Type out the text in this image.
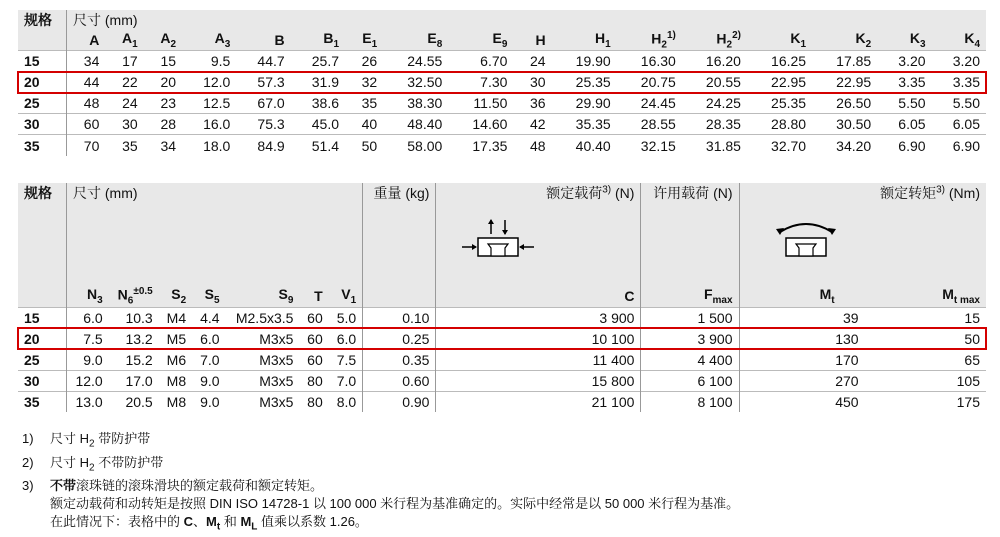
规格	尺寸 (mm)																
	A	$A_1$	$A_2$	$A_3$	B	$B_1$	$E_1$	$E_8$	$E_9$	H	$H_1$	$H_2^{1)}$	$H_2^{2)}$	$K_1$	$K_2$	$K_3$	$K_4$
15	34	17	15	9.5	44.7	25.7	26	24.55	6.70	24	19.90	16.30	16.20	16.25	17.85	3.20	3.20
20	44	22	20	12.0	57.3	31.9	32	32.50	7.30	30	25.35	20.75	20.55	22.95	22.95	3.35	3.35
25	48	24	23	12.5	67.0	38.6	35	38.30	11.50	36	29.90	24.45	24.25	25.35	26.50	5.50	5.50
30	60	30	28	16.0	75.3	45.0	40	48.40	14.60	42	35.35	28.55	28.35	28.80	30.50	6.05	6.05
35	70	35	34	18.0	84.9	51.4	50	58.00	17.35	48	40.40	32.15	31.85	32.70	34.20	6.90	6.90
规格	尺寸 (mm)							重量 (kg)	额定载荷$^{3)}$ (N)	许用载荷 (N)	额定转矩$^{3)}$ (Nm)	

	$N_3$	$N_6^{\pm 0.5}$	$S_2$	$S_5$	$S_9$	T	$V_1$		C	$F_{max}$	$M_t$	$M_{t max}$
15	6.0	10.3	M4	4.4	M2.5x3.5	60	5.0	0.10	3 900	1 500	39	15
20	7.5	13.2	M5	6.0	M3x5	60	6.0	0.25	10 100	3 900	130	50
25	9.0	15.2	M6	7.0	M3x5	60	7.5	0.35	11 400	4 400	170	65
30	12.0	17.0	M8	9.0	M3x5	80	7.0	0.60	15 800	6 100	270	105
35	13.0	20.5	M8	9.0	M3x5	80	8.0	0.90	21 100	8 100	450	175
1) 尺寸 $H_2$ 带防护带
2) 尺寸 $H_2$ 不带防护带
3) 不带滚珠链的滚珠滑块的额定载荷和额定转矩。
额定动载荷和动转矩是按照 DIN ISO 14728-1 以 100 000 米行程为基准确定的。实际中经常是以 50 000 米行程为基准。
在此情况下：表格中的 C、$M_t$ 和 $M_L$ 值乘以系数 1.26。
